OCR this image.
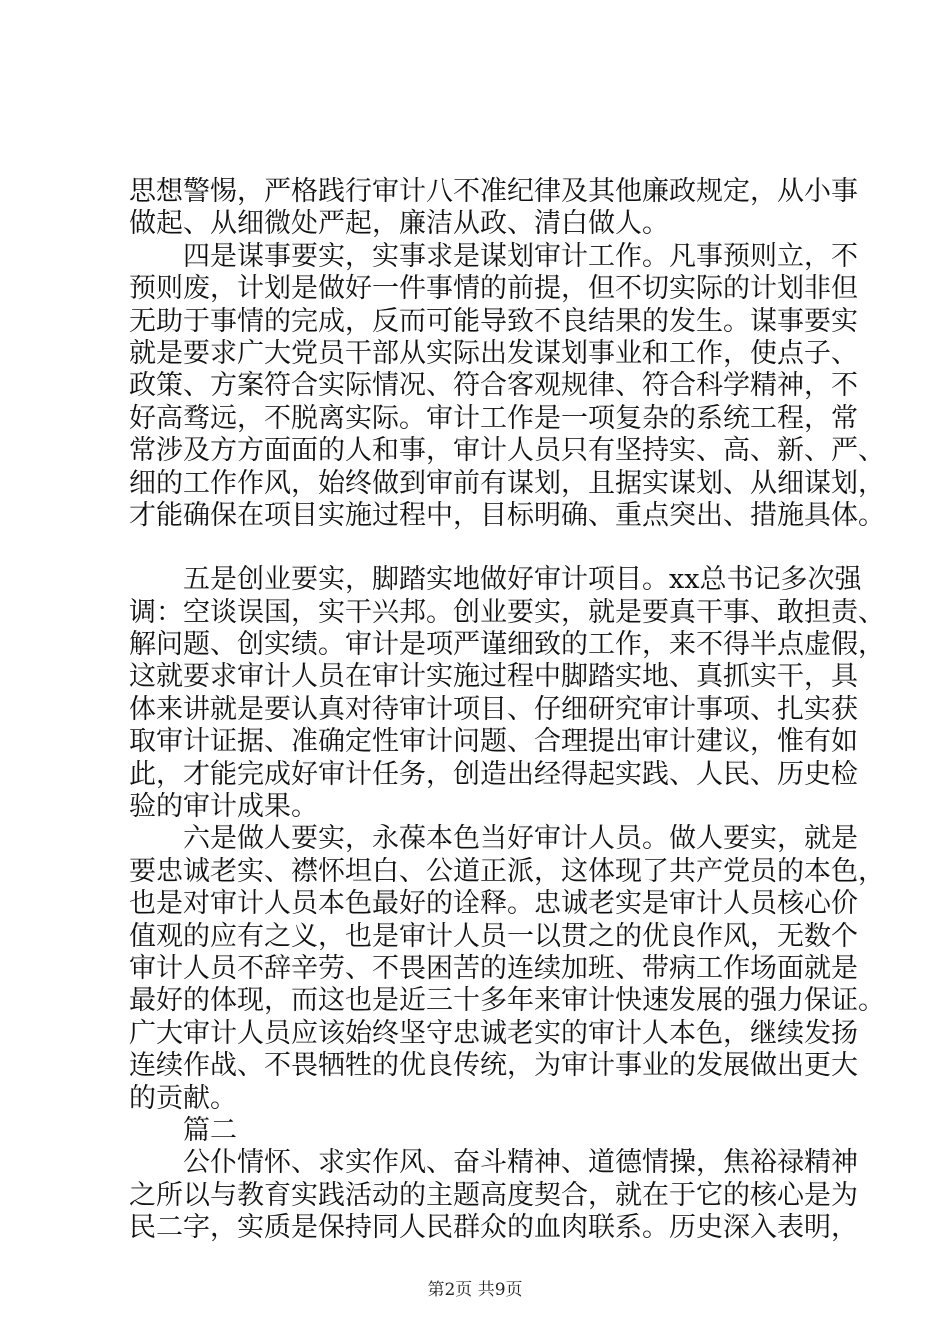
思想警惕，严格践行审计八不准纪律及其他廉政规定，从小事
做起、从细微处严起，廉洁从政、清白做人。
四是谋事要实，实事求是谋划审计工作。凡事预则立，不
预则废，计划是做好一件事情的前提，但不切实际的计划非但
无助于事情的完成，反而可能导致不良结果的发生。谋事要实
就是要求广大党员干部从实际出发谋划事业和工作，使点子、
政策、方案符合实际情况、符合客观规律、符合科学精神，不
好高骛远，不脱离实际。审计工作是一项复杂的系统工程，常
常涉及方方面面的人和事，审计人员只有坚持实、高、新、严、
细的工作作风，始终做到审前有谋划，且据实谋划、从细谋划，
才能确保在项目实施过程中，目标明确、重点突出、措施具体。
五是创业要实，脚踏实地做好审计项目。xx总书记多次强
调：空谈误国，实干兴邦。创业要实，就是要真干事、敢担责、
解问题、创实绩。审计是项严谨细致的工作，来不得半点虚假，
这就要求审计人员在审计实施过程中脚踏实地、真抓实干，具
体来讲就是要认真对待审计项目、仔细研究审计事项、扎实获
取审计证据、准确定性审计问题、合理提出审计建议，惟有如
此，才能完成好审计任务，创造出经得起实践、人民、历史检
验的审计成果。
六是做人要实，永葆本色当好审计人员。做人要实，就是
要忠诚老实、襟怀坦白、公道正派，这体现了共产党员的本色，
也是对审计人员本色最好的诠释。忠诚老实是审计人员核心价
值观的应有之义，也是审计人员一以贯之的优良作风，无数个
审计人员不辞辛劳、不畏困苦的连续加班、带病工作场面就是
最好的体现，而这也是近三十多年来审计快速发展的强力保证。
广大审计人员应该始终坚守忠诚老实的审计人本色，继续发扬
连续作战、不畏牺牲的优良传统，为审计事业的发展做出更大
的贡献。
篇二
公仆情怀、求实作风、奋斗精神、道德情操，焦裕禄精神
之所以与教育实践活动的主题高度契合，就在于它的核心是为
民二字，实质是保持同人民群众的血肉联系。历史深入表明，
第2页 共9页
